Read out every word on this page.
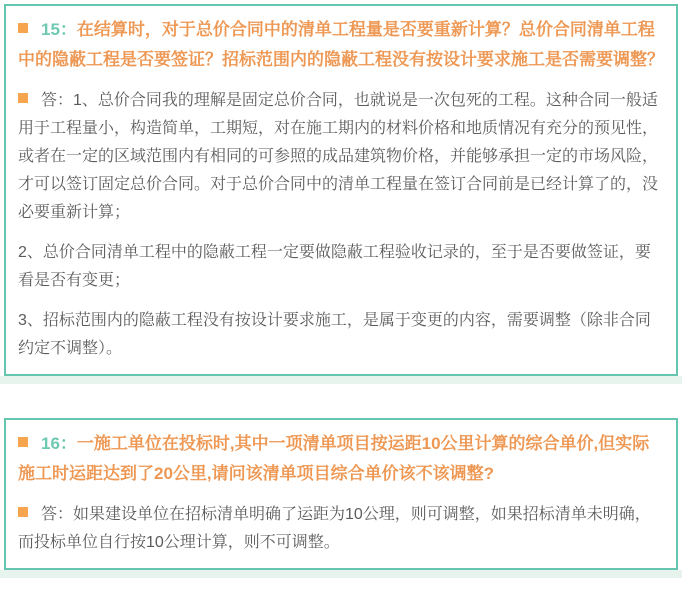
15：在结算时，对于总价合同中的清单工程量是否要重新计算？总价合同清单工程中的隐蔽工程是否要签证？招标范围内的隐蔽工程没有按设计要求施工是否需要调整？

答：1、总价合同我的理解是固定总价合同，也就说是一次包死的工程。这种合同一般适用于工程量小，构造简单，工期短，对在施工期内的材料价格和地质情况有充分的预见性，或者在一定的区域范围内有相同的可参照的成品建筑物价格，并能够承担一定的市场风险，才可以签订固定总价合同。对于总价合同中的清单工程量在签订合同前是已经计算了的，没必要重新计算；

2、总价合同清单工程中的隐蔽工程一定要做隐蔽工程验收记录的，至于是否要做签证，要看是否有变更；

3、招标范围内的隐蔽工程没有按设计要求施工，是属于变更的内容，需要调整（除非合同约定不调整）。

16：一施工单位在投标时,其中一项清单项目按运距10公里计算的综合单价,但实际施工时运距达到了20公里,请问该清单项目综合单价该不该调整?

答：如果建设单位在招标清单明确了运距为10公理，则可调整，如果招标清单未明确，而投标单位自行按10公理计算，则不可调整。
